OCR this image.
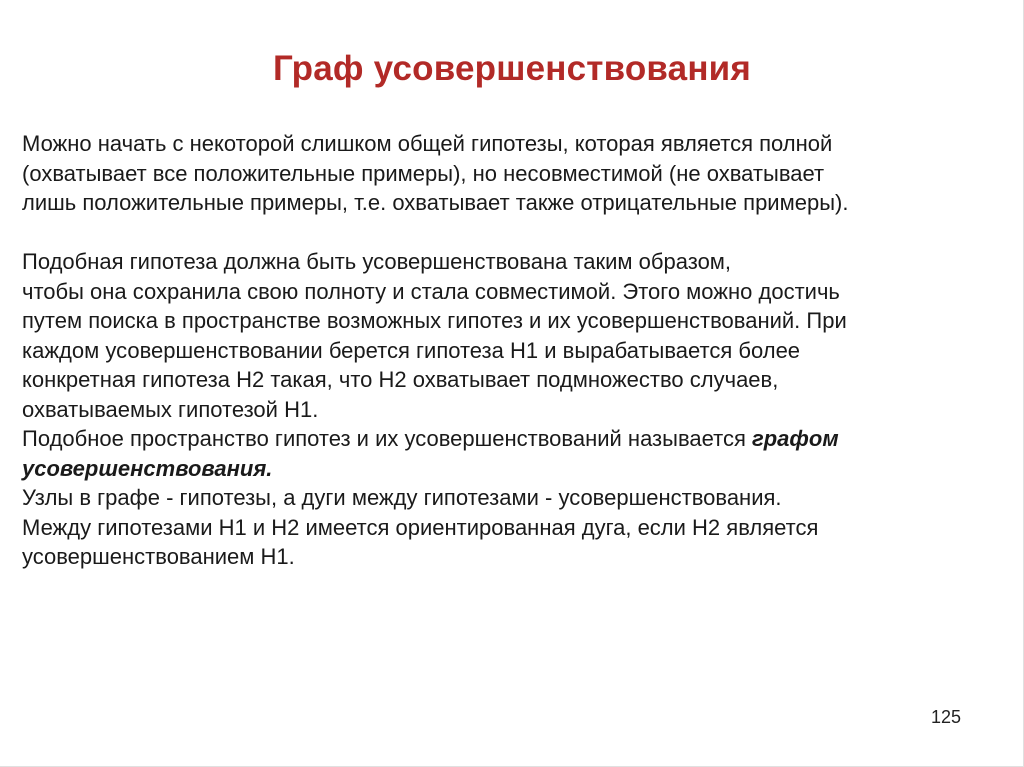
Граф усовершенствования
Можно начать с некоторой слишком общей гипотезы, которая является полной
(охватывает все положительные примеры), но несовместимой (не охватывает
лишь положительные примеры, т.е. охватывает также отрицательные примеры).
Подобная гипотеза должна быть усовершенствована таким образом,
чтобы она сохранила свою полноту и стала совместимой. Этого можно достичь
путем поиска в пространстве возможных гипотез и их усовершенствований. При
каждом усовершенствовании берется гипотеза H1 и вырабатывается более
конкретная гипотеза H2 такая, что H2 охватывает подмножество случаев,
охватываемых гипотезой H1.
Подобное пространство гипотез и их усовершенствований называется графом
усовершенствования.
Узлы в графе - гипотезы, а дуги между гипотезами - усовершенствования.
Между гипотезами H1 и H2 имеется ориентированная дуга, если H2 является
усовершенствованием H1.
125
